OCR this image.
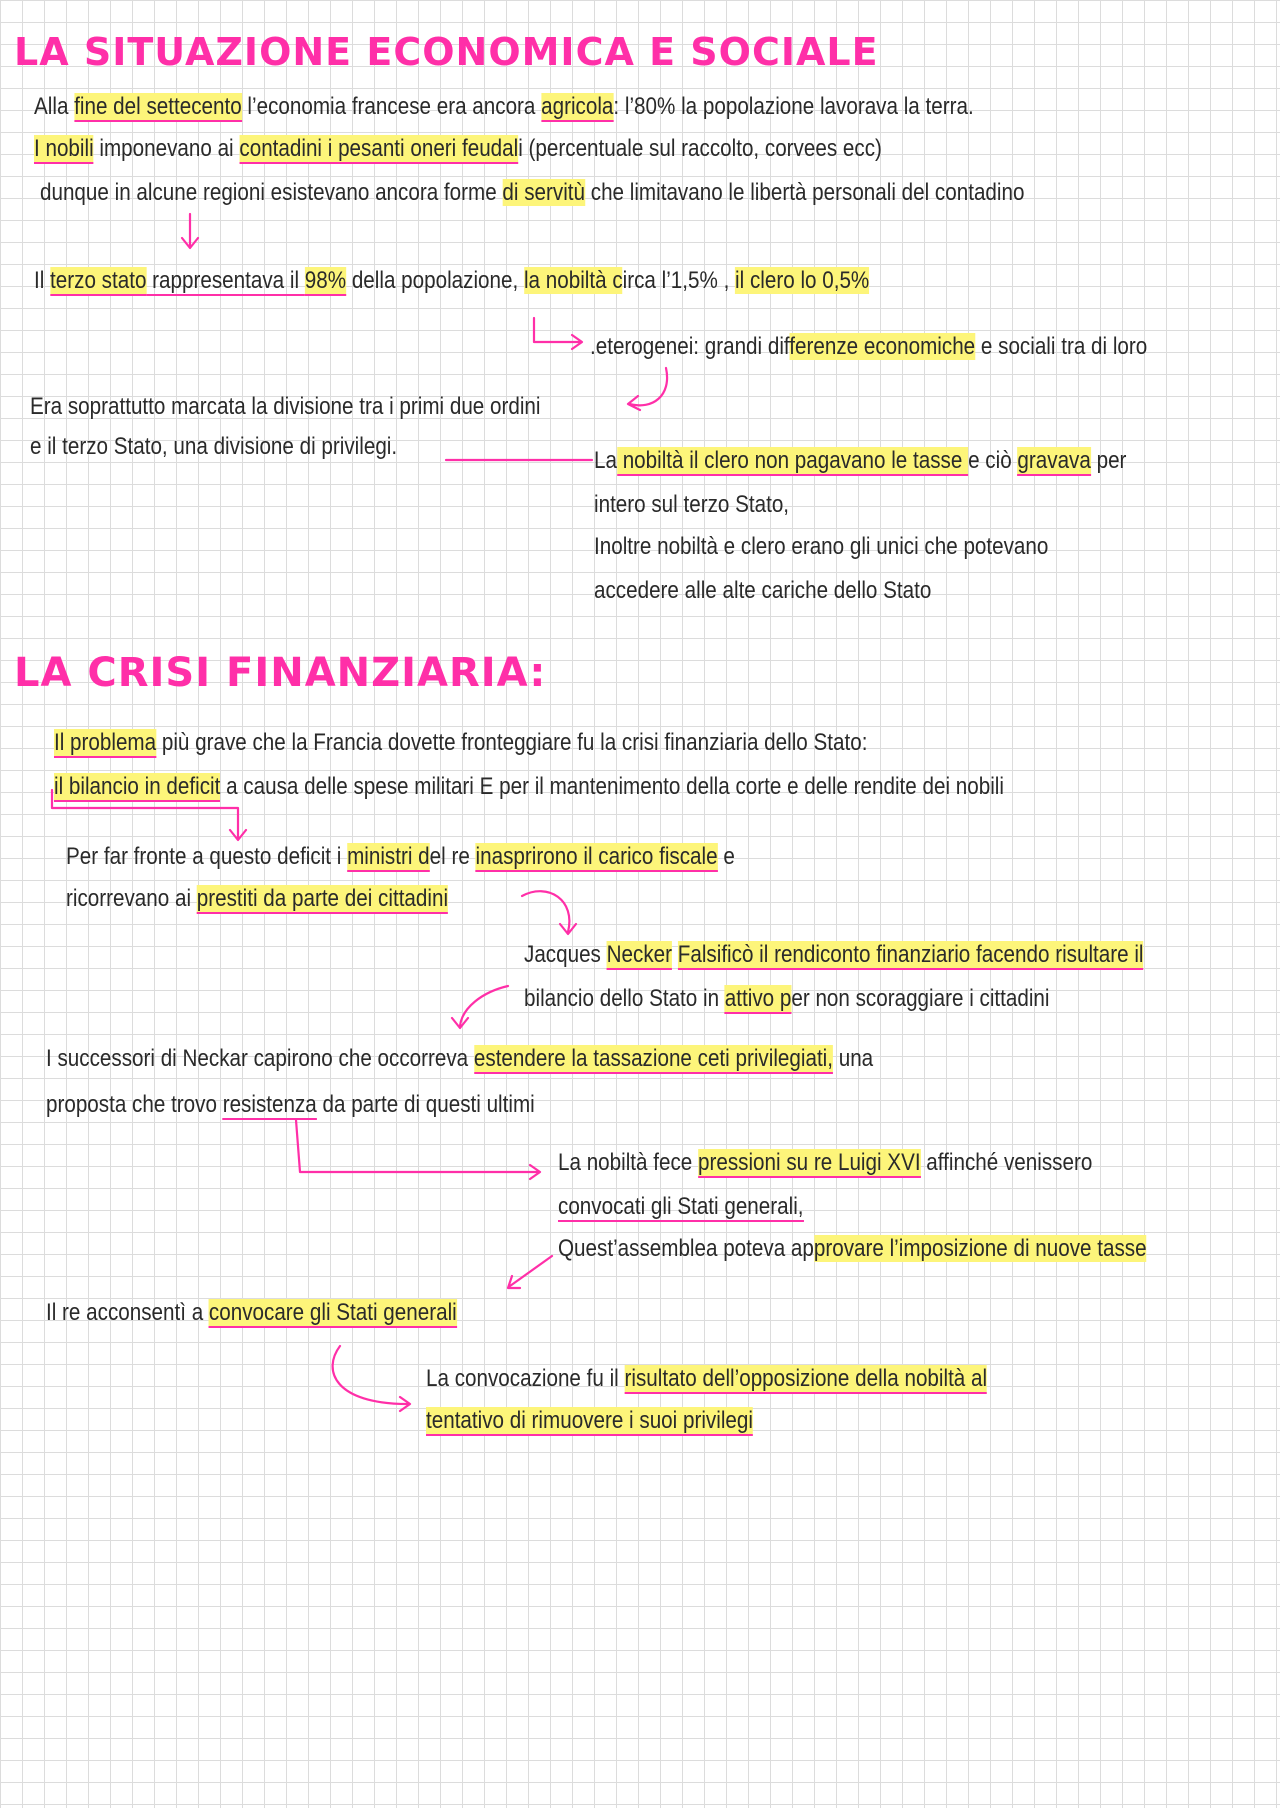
LA SITUAZIONE ECONOMICA E SOCIALE
Alla fine del settecento l’economia francese era ancora agricola: l’80% la popolazione lavorava la terra.
I nobili imponevano ai contadini i pesanti oneri feudali (percentuale sul raccolto, corvees ecc)
dunque in alcune regioni esistevano ancora forme di servitù che limitavano le libertà personali del contadino
Il terzo stato rappresentava il 98% della popolazione, la nobiltà circa l’1,5% , il clero lo 0,5%
.eterogenei: grandi differenze economiche e sociali tra di loro
Era soprattutto marcata la divisione tra i primi due ordini
e il terzo Stato, una divisione di privilegi.
La nobiltà il clero non pagavano le tasse e ciò gravava per
intero sul terzo Stato,
Inoltre nobiltà e clero erano gli unici che potevano
accedere alle alte cariche dello Stato
LA CRISI FINANZIARIA:
Il problema più grave che la Francia dovette fronteggiare fu la crisi finanziaria dello Stato:
il bilancio in deficit a causa delle spese militari E per il mantenimento della corte e delle rendite dei nobili
Per far fronte a questo deficit i ministri del re inasprirono il carico fiscale e
ricorrevano ai prestiti da parte dei cittadini
Jacques Necker Falsificò il rendiconto finanziario facendo risultare il
bilancio dello Stato in attivo per non scoraggiare i cittadini
I successori di Neckar capirono che occorreva estendere la tassazione ceti privilegiati, una
proposta che trovo resistenza da parte di questi ultimi
La nobiltà fece pressioni su re Luigi XVI affinché venissero
convocati gli Stati generali,
Quest’assemblea poteva approvare l’imposizione di nuove tasse
Il re acconsentì a convocare gli Stati generali
La convocazione fu il risultato dell’opposizione della nobiltà al
tentativo di rimuovere i suoi privilegi
